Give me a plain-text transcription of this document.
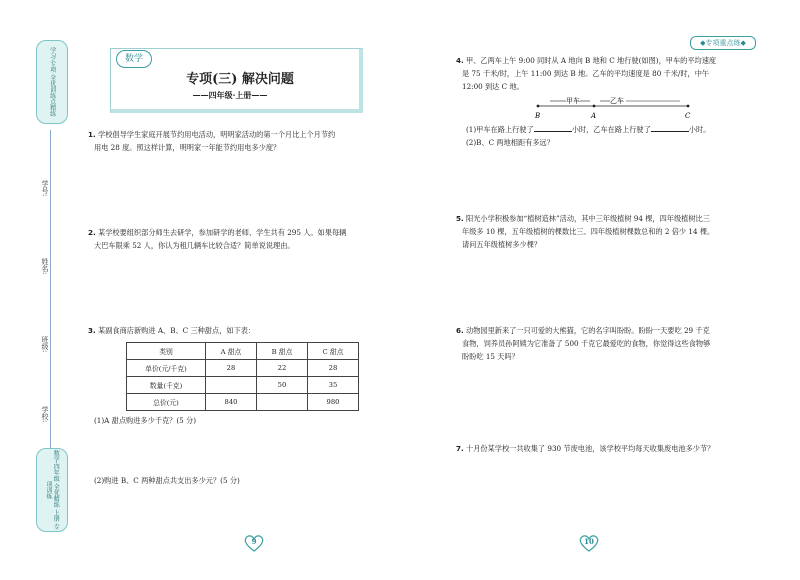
学习·专项 全优训练点精练
学号:
姓名:
班级:
学校:
数学·四年级 全优精练 上册 专项训练
数学
专项(三) 解决问题
——四年级·上册——
1. 学校倡导学生家庭开展节约用电活动，明明家活动的第一个月比上个月节约
用电 28 度。照这样计算，明明家一年能节约用电多少度？
2. 某学校要组织部分师生去研学，参加研学的老师、学生共有 295 人。如果每辆
大巴车限乘 52 人，你认为租几辆车比较合适？简单说说理由。
3. 某副食商店新购进 A、B、C 三种甜点，如下表：
类别	A 甜点	B 甜点	C 甜点
单价(元/千克)	28	22	28
数量(千克)		50	35
总价(元)	840		980
(1)A 甜点购进多少千克？(5 分)
(2)购进 B、C 两种甜点共支出多少元？(5 分)
9
◆专项重点练◆
4. 甲、乙两车上午 9:00 同时从 A 地向 B 地和 C 地行驶(如图)，甲车的平均速度
是 75 千米/时，上午 11:00 到达 B 地。乙车的平均速度是 80 千米/时，中午
12:00 到达 C 地。
甲车	乙车
B	A	C
(1)甲车在路上行驶了	小时，乙车在路上行驶了	小时。
(2)B、C 两地相距有多远？
5. 阳光小学积极参加“植树造林”活动，其中三年级植树 94 棵，四年级植树比三
年级多 10 棵，五年级植树的棵数比三、四年级植树棵数总和的 2 倍少 14 棵。
请问五年级植树多少棵？
6. 动物园里新来了一只可爱的大熊猫，它的名字叫盼盼。盼盼一天要吃 29 千克
食物，饲养员孙阿姨为它准备了 500 千克它最爱吃的食物，你觉得这些食物够
盼盼吃 15 天吗？
7. 十月份某学校一共收集了 930 节废电池，该学校平均每天收集废电池多少节？
10
